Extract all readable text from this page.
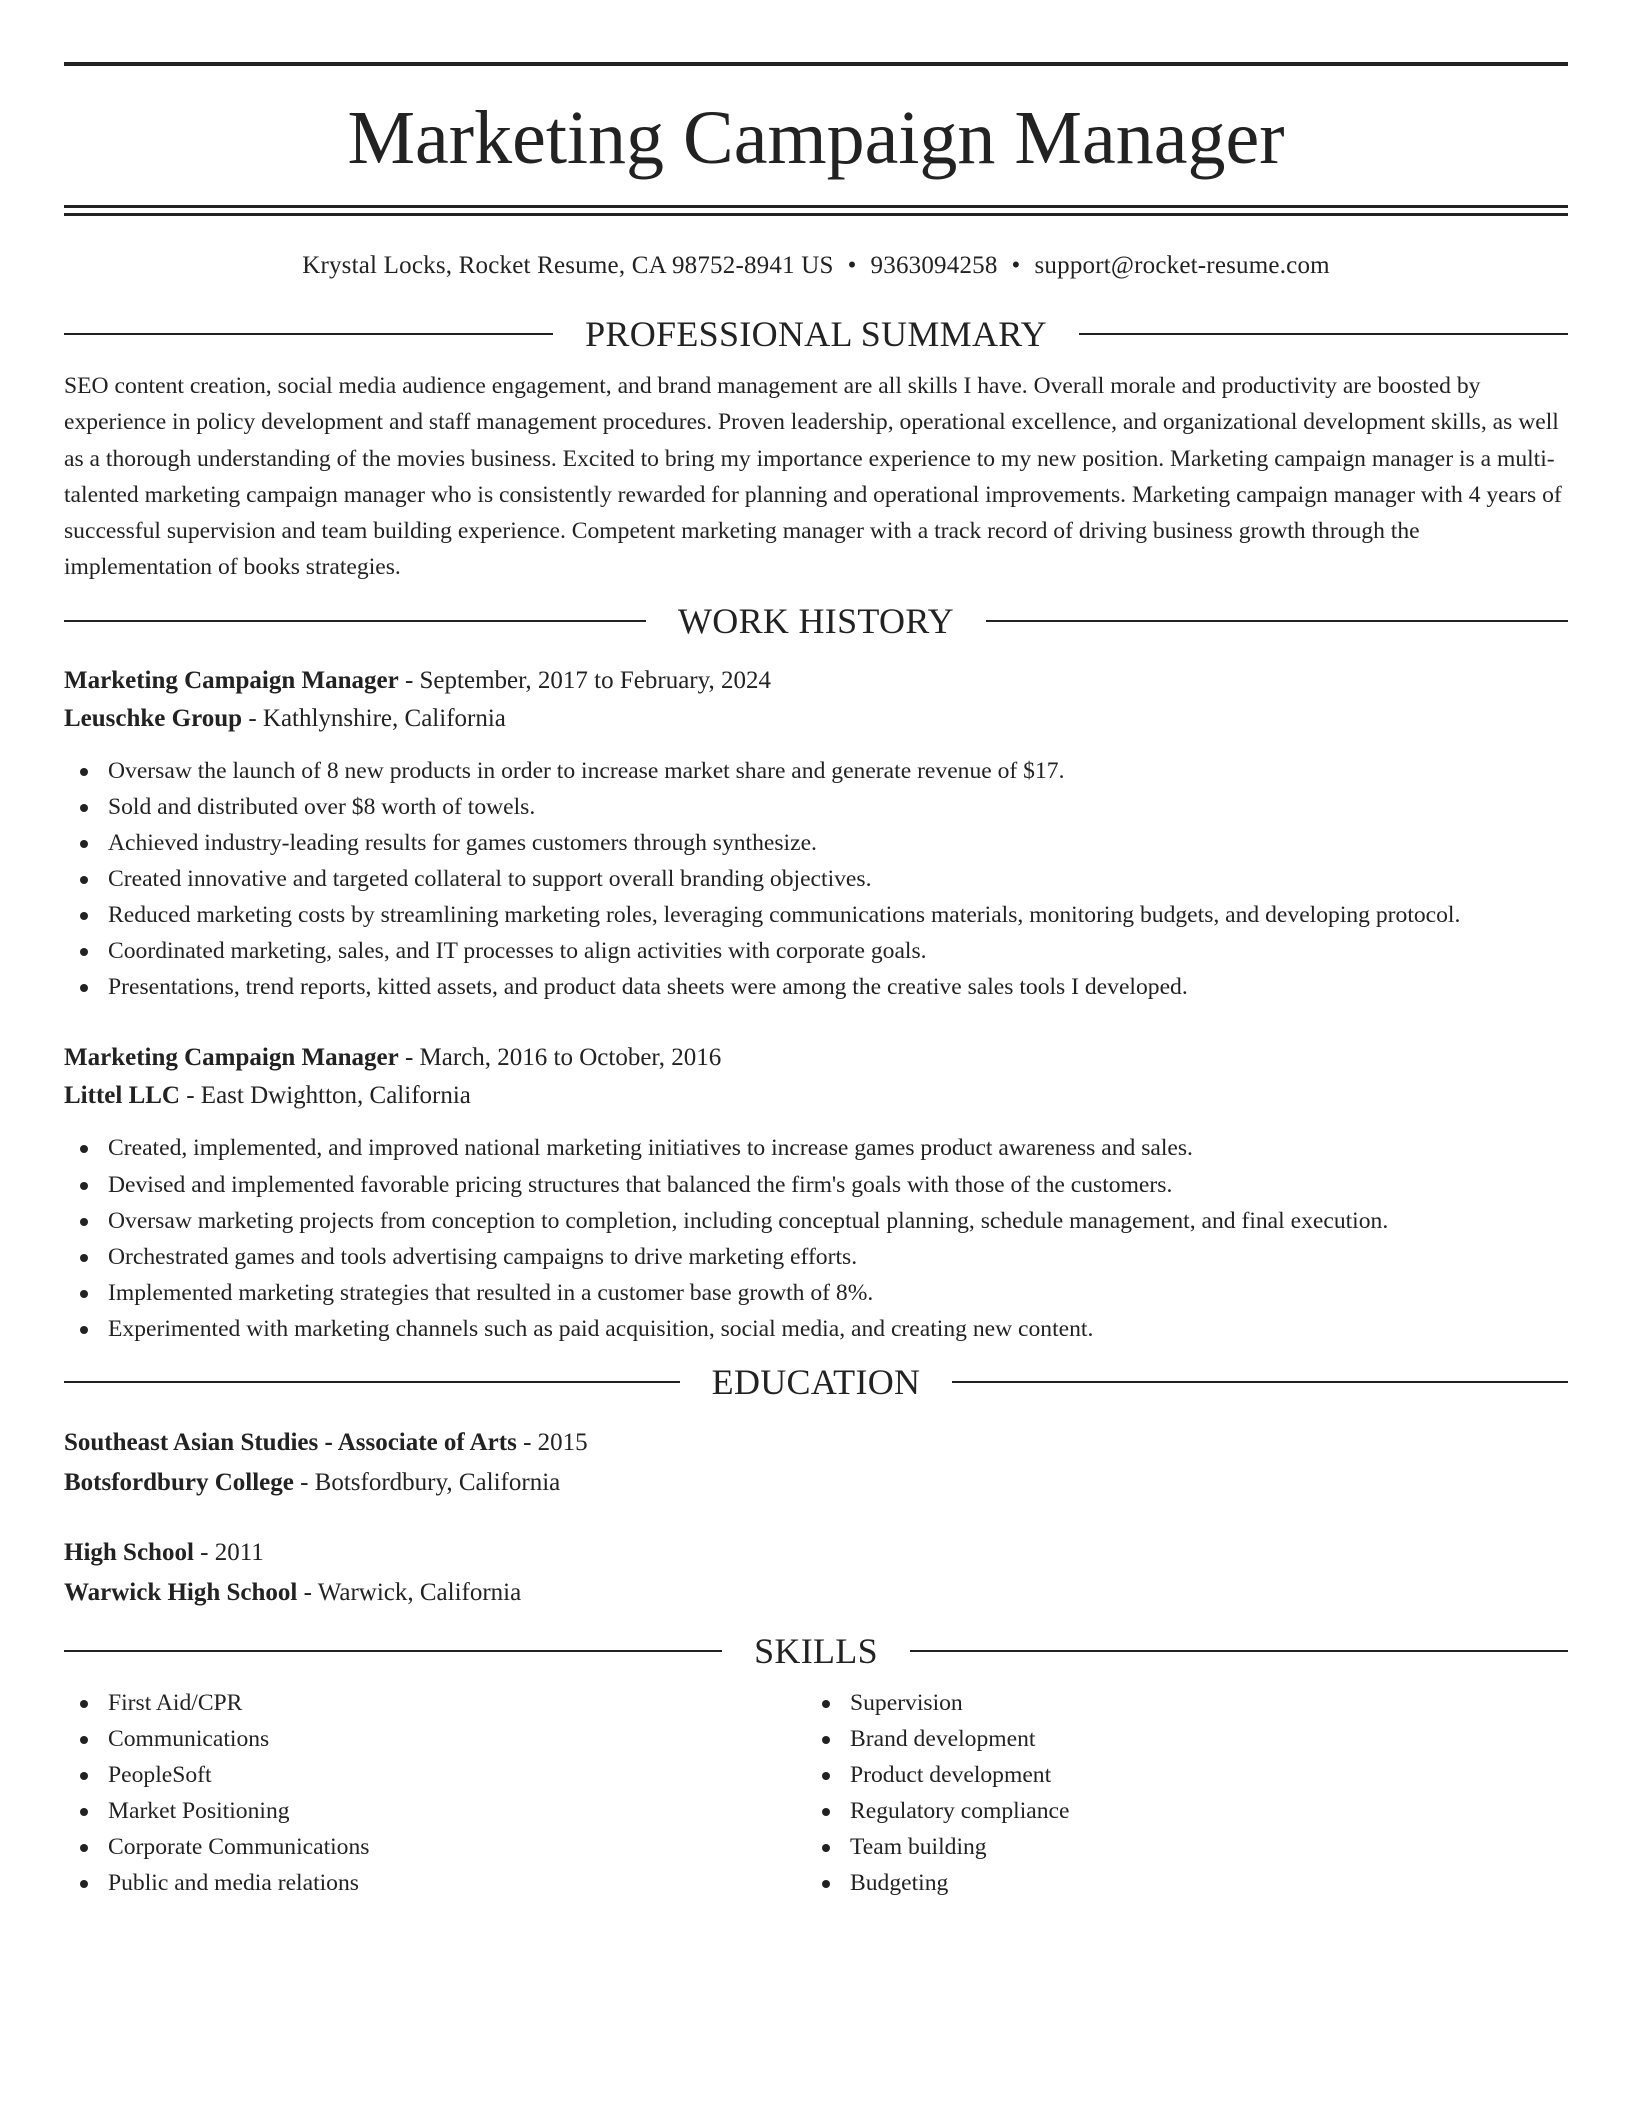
Marketing Campaign Manager
Krystal Locks, Rocket Resume, CA 98752-8941 US • 9363094258 • support@rocket-resume.com
PROFESSIONAL SUMMARY

SEO content creation, social media audience engagement, and brand management are all skills I have. Overall morale and productivity are boosted by experience in policy development and staff management procedures. Proven leadership, operational excellence, and organizational development skills, as well as a thorough understanding of the movies business. Excited to bring my importance experience to my new position. Marketing campaign manager is a multi-talented marketing campaign manager who is consistently rewarded for planning and operational improvements. Marketing campaign manager with 4 years of successful supervision and team building experience. Competent marketing manager with a track record of driving business growth through the implementation of books strategies.

WORK HISTORY
Marketing Campaign Manager - September, 2017 to February, 2024
Leuschke Group - Kathlynshire, California
Oversaw the launch of 8 new products in order to increase market share and generate revenue of $17.
Sold and distributed over $8 worth of towels.
Achieved industry-leading results for games customers through synthesize.
Created innovative and targeted collateral to support overall branding objectives.
Reduced marketing costs by streamlining marketing roles, leveraging communications materials, monitoring budgets, and developing protocol.
Coordinated marketing, sales, and IT processes to align activities with corporate goals.
Presentations, trend reports, kitted assets, and product data sheets were among the creative sales tools I developed.
Marketing Campaign Manager - March, 2016 to October, 2016
Littel LLC - East Dwightton, California
Created, implemented, and improved national marketing initiatives to increase games product awareness and sales.
Devised and implemented favorable pricing structures that balanced the firm's goals with those of the customers.
Oversaw marketing projects from conception to completion, including conceptual planning, schedule management, and final execution.
Orchestrated games and tools advertising campaigns to drive marketing efforts.
Implemented marketing strategies that resulted in a customer base growth of 8%.
Experimented with marketing channels such as paid acquisition, social media, and creating new content.
EDUCATION
Southeast Asian Studies - Associate of Arts - 2015
Botsfordbury College - Botsfordbury, California
High School - 2011
Warwick High School - Warwick, California
SKILLS
First Aid/CPR
Communications
PeopleSoft
Market Positioning
Corporate Communications
Public and media relations
Supervision
Brand development
Product development
Regulatory compliance
Team building
Budgeting
